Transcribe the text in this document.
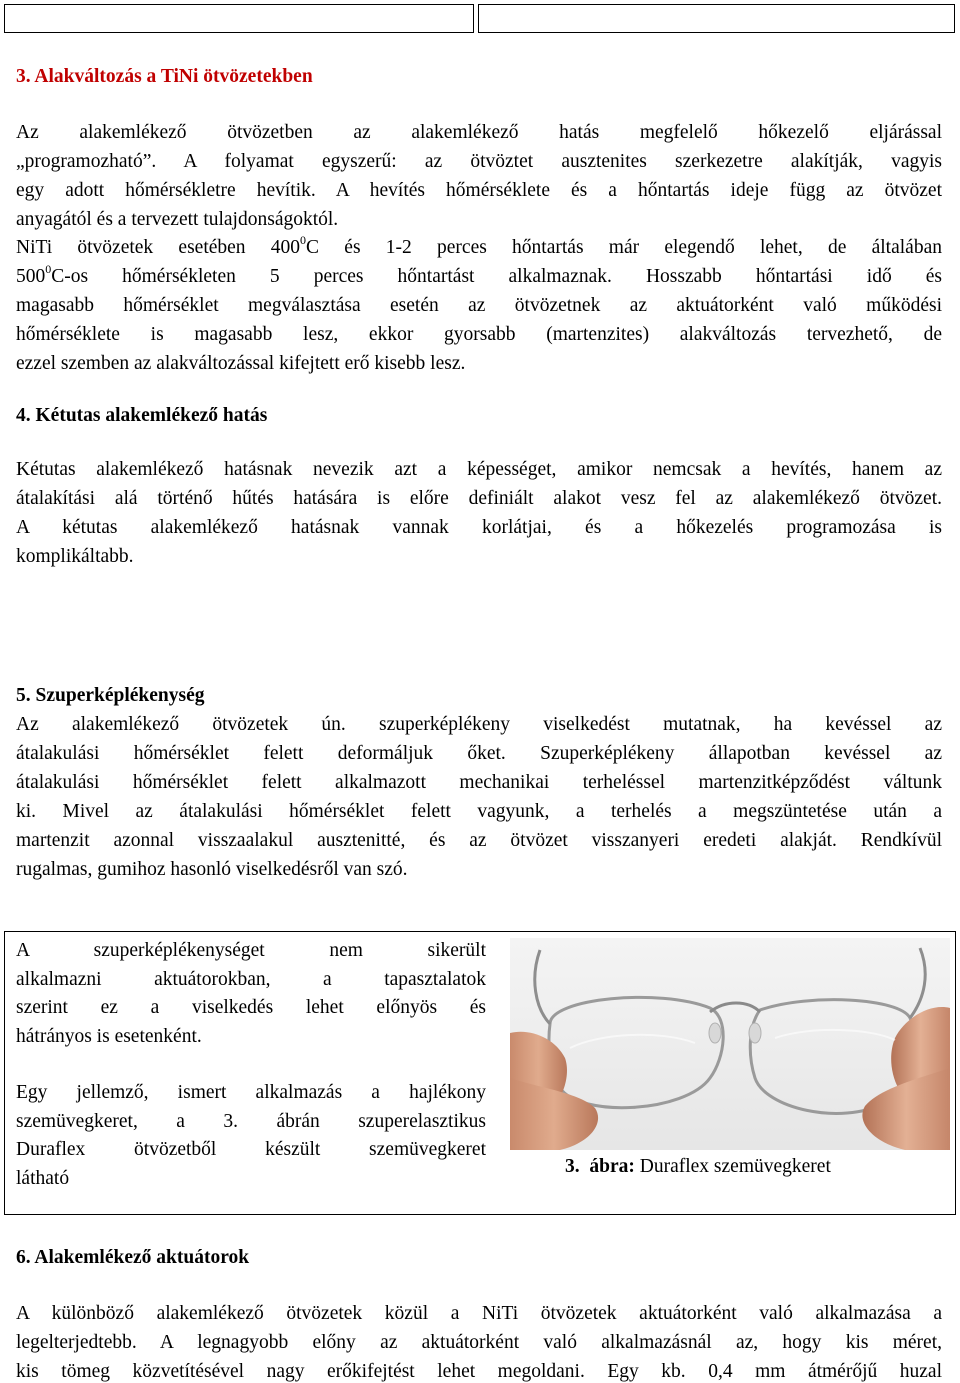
3. Alakváltozás a TiNi ötvözetekben
Az alakemlékező ötvözetben az alakemlékező hatás megfelelő hőkezelő eljárással
„programozható”. A folyamat egyszerű: az ötvöztet ausztenites szerkezetre alakítják, vagyis
egy adott hőmérsékletre hevítik. A hevítés hőmérséklete és a hőntartás ideje függ az ötvözet
anyagától és a tervezett tulajdonságoktól.
NiTi ötvözetek esetében $400^0C$ és 1-2 perces hőntartás már elegendő lehet, de általában
$500^0C-os$ hőmérsékleten 5 perces hőntartást alkalmaznak. Hosszabb hőntartási idő és
magasabb hőmérséklet megválasztása esetén az ötvözetnek az aktuátorként való működési
hőmérséklete is magasabb lesz, ekkor gyorsabb (martenzites) alakváltozás tervezhető, de
ezzel szemben az alakváltozással kifejtett erő kisebb lesz.
4. Kétutas alakemlékező hatás
Kétutas alakemlékező hatásnak nevezik azt a képességet, amikor nemcsak a hevítés, hanem az
átalakítási alá történő hűtés hatására is előre definiált alakot vesz fel az alakemlékező ötvözet.
A kétutas alakemlékező hatásnak vannak korlátjai, és a hőkezelés programozása is
komplikáltabb.
5. Szuperképlékenység
Az alakemlékező ötvözetek ún. szuperképlékeny viselkedést mutatnak, ha kevéssel az
átalakulási hőmérséklet felett deformáljuk őket. Szuperképlékeny állapotban kevéssel az
átalakulási hőmérséklet felett alkalmazott mechanikai terheléssel martenzitképződést váltunk
ki. Mivel az átalakulási hőmérséklet felett vagyunk, a terhelés a megszüntetése után a
martenzit azonnal visszaalakul ausztenitté, és az ötvözet visszanyeri eredeti alakját. Rendkívül
rugalmas, gumihoz hasonló viselkedésről van szó.

A szuperképlékenységet nem sikerült
alkalmazni aktuátorokban, a tapasztalatok
szerint ez a viselkedés lehet előnyös és
hátrányos is esetenként.

Egy jellemző, ismert alkalmazás a hajlékony
szemüvegkeret, a 3. ábrán szuperelasztikus
Duraflex ötvözetből készült szemüvegkeret
látható

3. ábra: Duraflex szemüvegkeret
6. Alakemlékező aktuátorok
A különböző alakemlékező ötvözetek közül a NiTi ötvözetek aktuátorként való alkalmazása a
legelterjedtebb. A legnagyobb előny az aktuátorként való alkalmazásnál az, hogy kis méret,
kis tömeg közvetítésével nagy erőkifejtést lehet megoldani. Egy kb. 0,4 mm átmérőjű huzal
